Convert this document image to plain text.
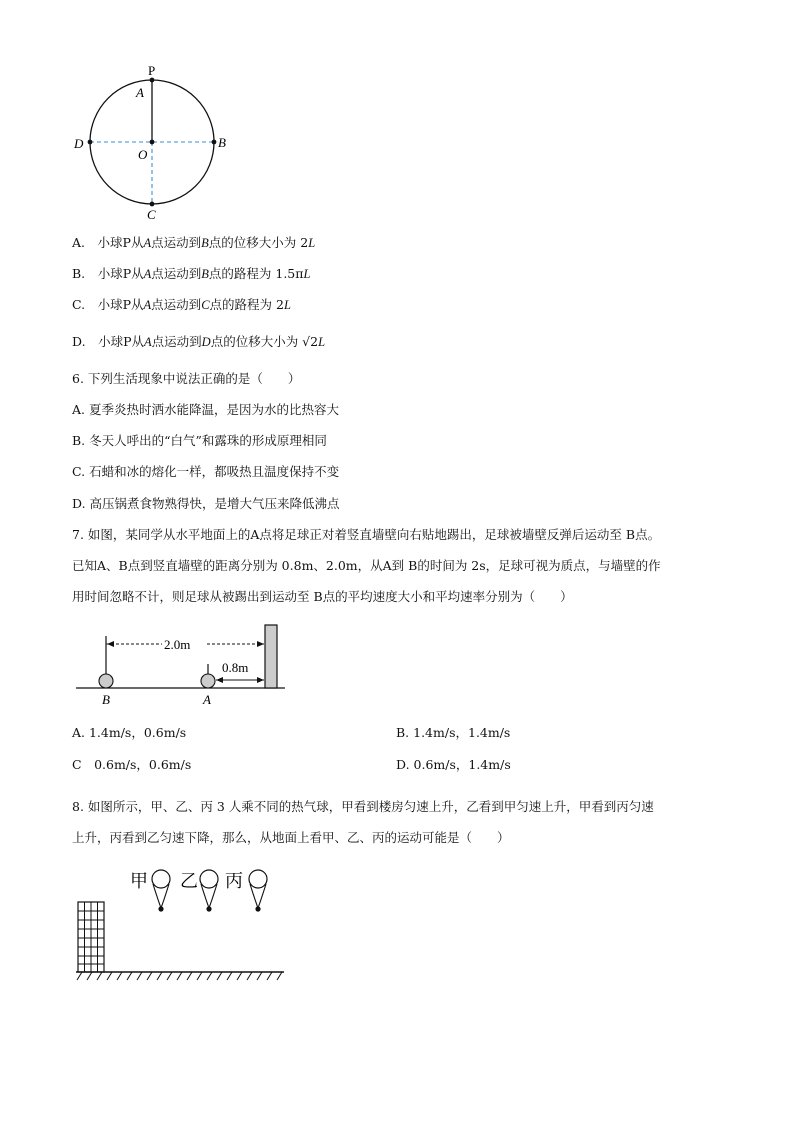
P
A
O
B
D
C
A.　 小球P从A点运动到B点的位移大小为 2L
B.　 小球P从A点运动到B点的路程为 1.5πL
C.　 小球P从A点运动到C点的路程为 2L
D.　 小球P从A点运动到D点的位移大小为 √2L
6. 下列生活现象中说法正确的是（　　）
A. 夏季炎热时洒水能降温，是因为水的比热容大
B. 冬天人呼出的“白气”和露珠的形成原理相同
C. 石蜡和冰的熔化一样，都吸热且温度保持不变
D. 高压锅煮食物熟得快，是增大气压来降低沸点
7. 如图，某同学从水平地面上的A点将足球正对着竖直墙壁向右贴地踢出，足球被墙壁反弹后运动至 B点。
已知A、B点到竖直墙壁的距离分别为 0.8m、2.0m，从A到 B的时间为 2s，足球可视为质点，与墙壁的作
用时间忽略不计，则足球从被踢出到运动至 B点的平均速度大小和平均速率分别为（　　）
2.0m
0.8m
B	A
A. 1.4m/s，0.6m/s	B. 1.4m/s，1.4m/s
C　0.6m/s，0.6m/s	D. 0.6m/s，1.4m/s
8. 如图所示，甲、乙、丙 3 人乘不同的热气球，甲看到楼房匀速上升，乙看到甲匀速上升，甲看到丙匀速
上升，丙看到乙匀速下降，那么，从地面上看甲、乙、丙的运动可能是（　　）
甲 乙 丙
